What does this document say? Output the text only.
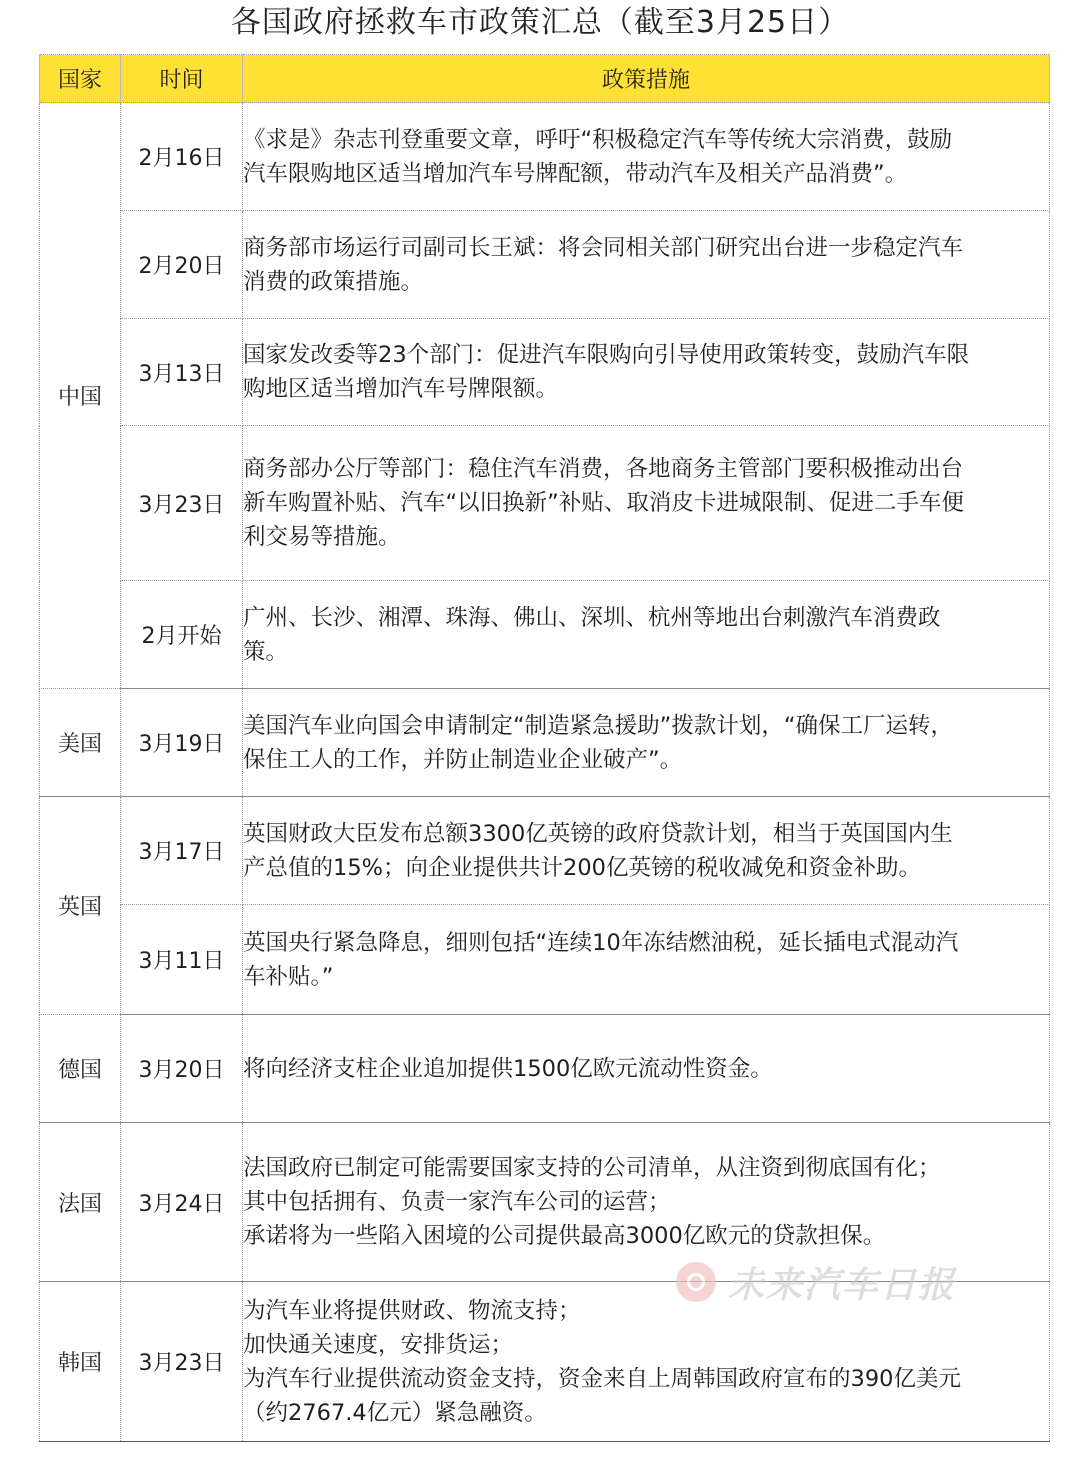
各国政府拯救车市政策汇总（截至3月25日）
国家	时间	政策措施
中国	2月16日	《求是》杂志刊登重要文章，呼吁“积极稳定汽车等传统大宗消费，鼓励
汽车限购地区适当增加汽车号牌配额，带动汽车及相关产品消费”。

	2月20日	商务部市场运行司副司长王斌：将会同相关部门研究出台进一步稳定汽车
消费的政策措施。

	3月13日	国家发改委等23个部门：促进汽车限购向引导使用政策转变，鼓励汽车限
购地区适当增加汽车号牌限额。

	3月23日	商务部办公厅等部门：稳住汽车消费，各地商务主管部门要积极推动出台
新车购置补贴、汽车“以旧换新”补贴、取消皮卡进城限制、促进二手车便
利交易等措施。

	2月开始	广州、长沙、湘潭、珠海、佛山、深圳、杭州等地出台刺激汽车消费政
策。

美国	3月19日	美国汽车业向国会申请制定“制造紧急援助”拨款计划，“确保工厂运转，
保住工人的工作，并防止制造业企业破产”。

英国	3月17日	英国财政大臣发布总额3300亿英镑的政府贷款计划，相当于英国国内生
产总值的15%；向企业提供共计200亿英镑的税收减免和资金补助。

	3月11日	英国央行紧急降息，细则包括“连续10年冻结燃油税，延长插电式混动汽
车补贴。”

德国	3月20日	将向经济支柱企业追加提供1500亿欧元流动性资金。

法国	3月24日	法国政府已制定可能需要国家支持的公司清单，从注资到彻底国有化；
其中包括拥有、负责一家汽车公司的运营；
承诺将为一些陷入困境的公司提供最高3000亿欧元的贷款担保。

韩国	3月23日	为汽车业将提供财政、物流支持；
加快通关速度，安排货运；
为汽车行业提供流动资金支持，资金来自上周韩国政府宣布的390亿美元
（约2767.4亿元）紧急融资。
未来汽车日报
